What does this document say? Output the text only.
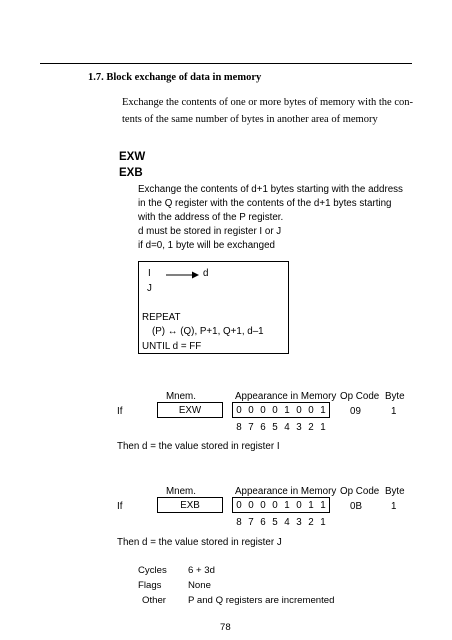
1.7. Block exchange of data in memory
Exchange the contents of one or more bytes of memory with the con-
tents of the same number of bytes in another area of memory
EXW
EXB
Exchange the contents of d+1 bytes starting with the address
in the Q register with the contents of the d+1 bytes starting
with the address of the P register.
d must be stored in register I or J
if d=0, 1 byte will be exchanged
I	d
J
REPEAT
(P) ↔ (Q), P+1, Q+1, d–1
UNTIL d = FF
Mnem.	Appearance in Memory Op Code Byte
If	EXW	0 0 0 0 1 0 0 1	09	1
8 7 6 5 4 3 2 1
Then d = the value stored in register I
Mnem.	Appearance in Memory Op Code Byte
If	EXB	0 0 0 0 1 0 1 1	0B	1
8 7 6 5 4 3 2 1
Then d = the value stored in register J
Cycles 6 + 3d
Flags	None
Other P and Q registers are incremented
78
